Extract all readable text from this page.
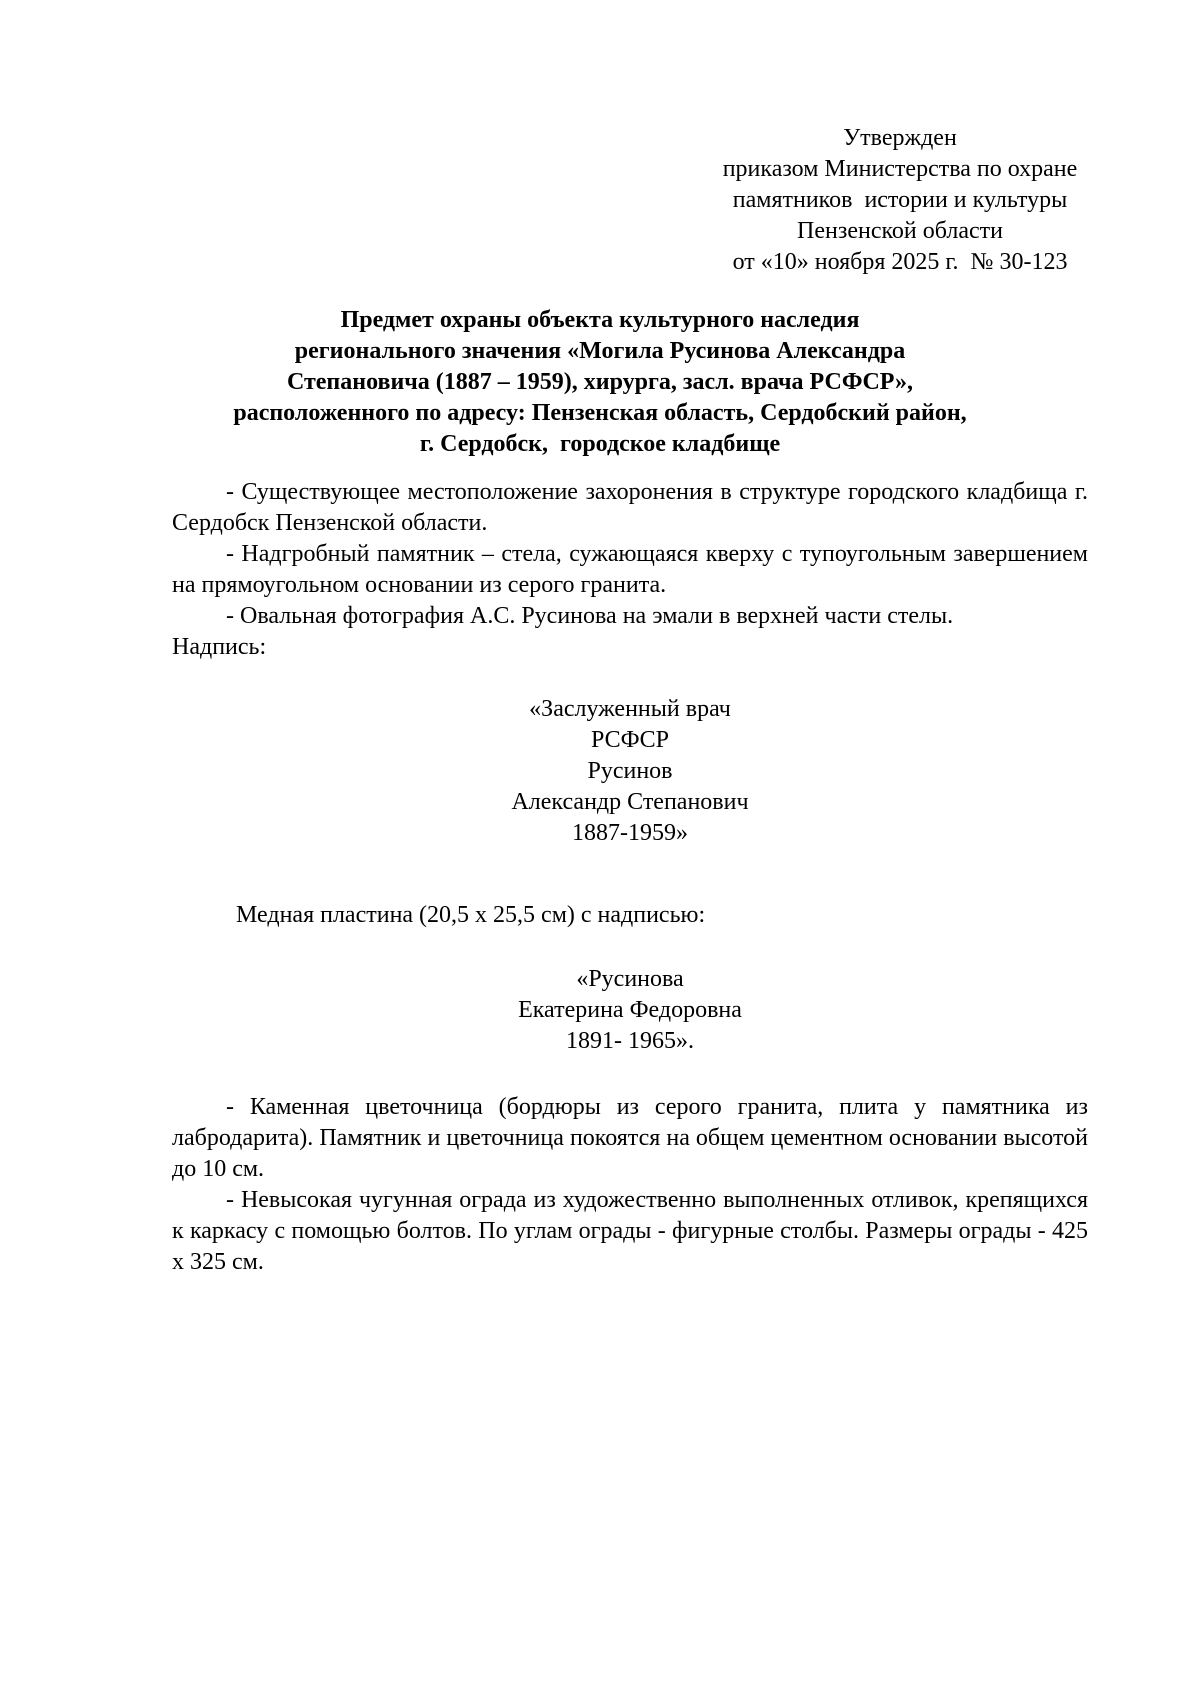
Утвержден
приказом Министерства по охране
памятников  истории и культуры
Пензенской области
от «10» ноября 2025 г.  № 30-123
Предмет охраны объекта культурного наследия
регионального значения «Могила Русинова Александра
Степановича (1887 – 1959), хирурга, засл. врача РСФСР»,
расположенного по адресу: Пензенская область, Сердобский район,
г. Сердобск,  городское кладбище

- Существующее местоположение захоронения в структуре городского кладбища г. Сердобск Пензенской области.

- Надгробный памятник – стела, сужающаяся кверху с тупоугольным завершением на прямоугольном основании из серого гранита.

- Овальная фотография А.С. Русинова на эмали в верхней части стелы.

Надпись:

«Заслуженный врач
РСФСР
Русинов
Александр Степанович
1887-1959»
Медная пластина (20,5 х 25,5 см) с надписью:
«Русинова
Екатерина Федоровна
1891- 1965».

- Каменная цветочница (бордюры из серого гранита, плита у памятника из лабродарита). Памятник и цветочница покоятся на общем цементном основании высотой до 10 см.

- Невысокая чугунная ограда из художественно выполненных отливок, крепящихся к каркасу с помощью болтов. По углам ограды - фигурные столбы. Размеры ограды - 425 х 325 см.
